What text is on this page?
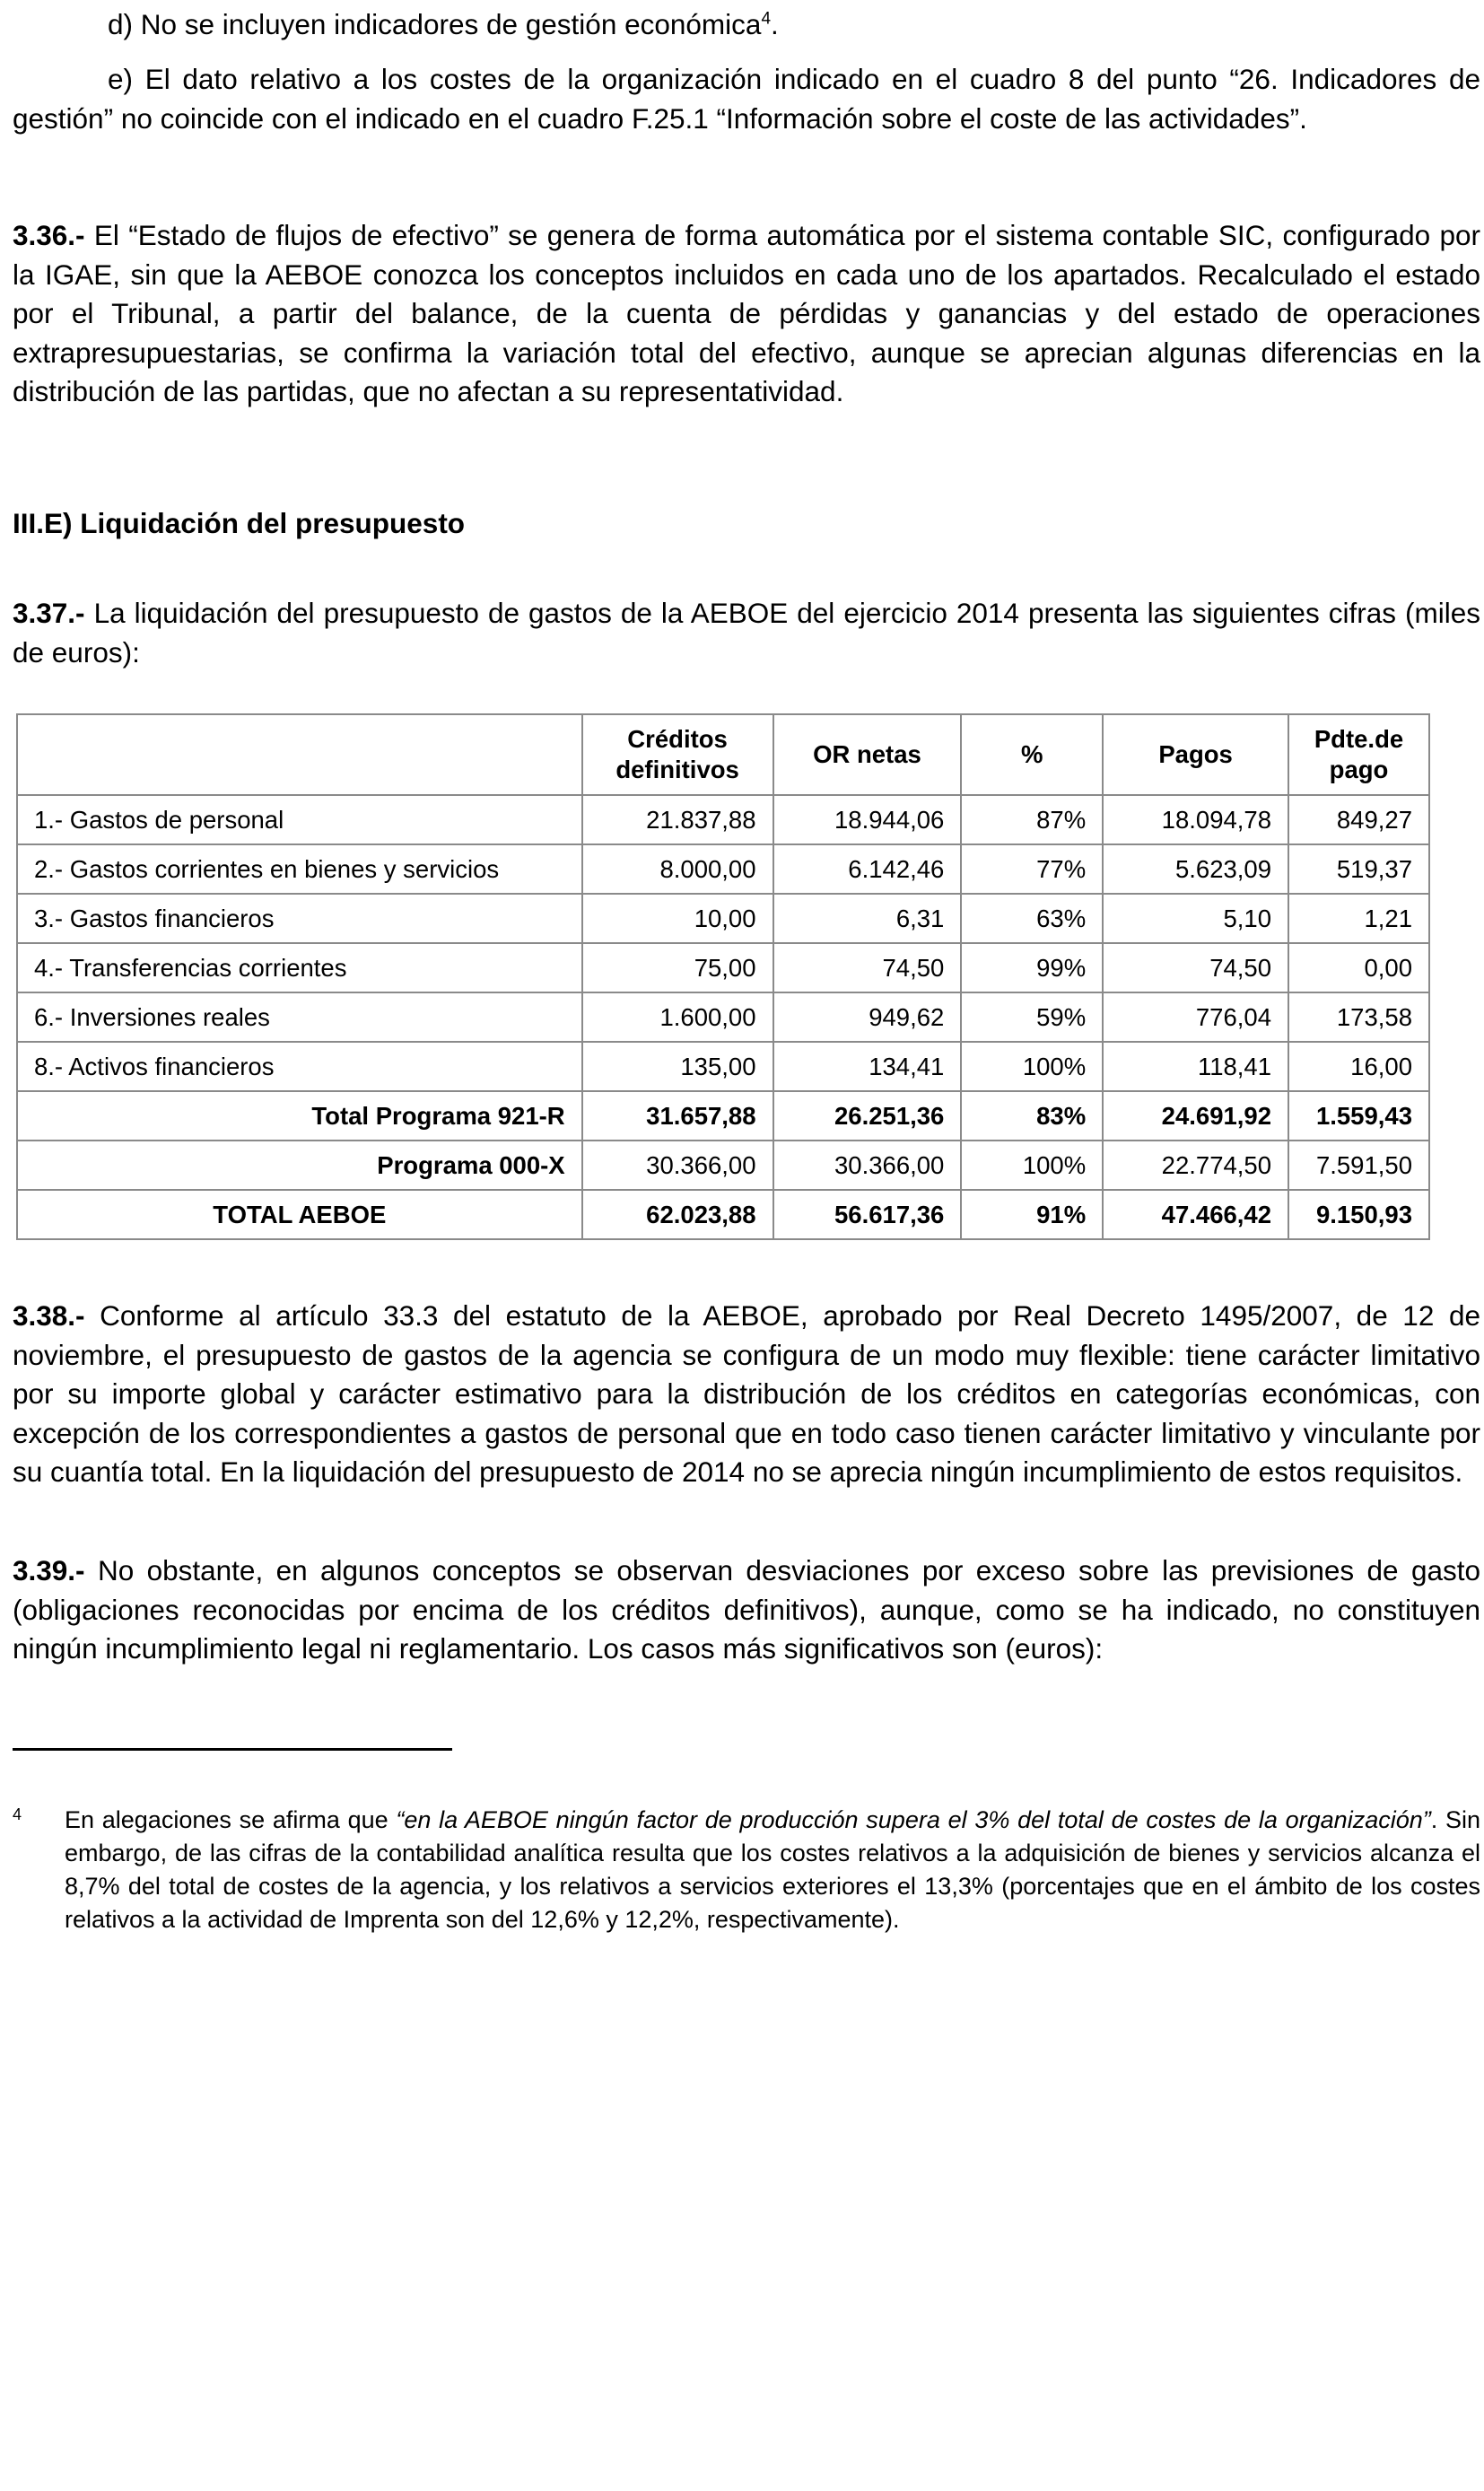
d) No se incluyen indicadores de gestión económica$^4$.
e) El dato relativo a los costes de la organización indicado en el cuadro 8 del punto “26. Indicadores de gestión” no coincide con el indicado en el cuadro F.25.1 “Información sobre el coste de las actividades”.
3.36.- El “Estado de flujos de efectivo” se genera de forma automática por el sistema contable SIC, configurado por la IGAE, sin que la AEBOE conozca los conceptos incluidos en cada uno de los apartados. Recalculado el estado por el Tribunal, a partir del balance, de la cuenta de pérdidas y ganancias y del estado de operaciones extrapresupuestarias, se confirma la variación total del efectivo, aunque se aprecian algunas diferencias en la distribución de las partidas, que no afectan a su representatividad.
III.E) Liquidación del presupuesto
3.37.- La liquidación del presupuesto de gastos de la AEBOE del ejercicio 2014 presenta las siguientes cifras (miles de euros):
	Créditos definitivos	OR netas	%	Pagos	Pdte.de pago
1.- Gastos de personal	21.837,88	18.944,06	87%	18.094,78	849,27
2.- Gastos corrientes en bienes y servicios	8.000,00	6.142,46	77%	5.623,09	519,37
3.- Gastos financieros	10,00	6,31	63%	5,10	1,21
4.- Transferencias corrientes	75,00	74,50	99%	74,50	0,00
6.- Inversiones reales	1.600,00	949,62	59%	776,04	173,58
8.- Activos financieros	135,00	134,41	100%	118,41	16,00
Total Programa 921-R	31.657,88	26.251,36	83%	24.691,92	1.559,43
Programa 000-X	30.366,00	30.366,00	100%	22.774,50	7.591,50
TOTAL AEBOE	62.023,88	56.617,36	91%	47.466,42	9.150,93
3.38.- Conforme al artículo 33.3 del estatuto de la AEBOE, aprobado por Real Decreto 1495/2007, de 12 de noviembre, el presupuesto de gastos de la agencia se configura de un modo muy flexible: tiene carácter limitativo por su importe global y carácter estimativo para la distribución de los créditos en categorías económicas, con excepción de los correspondientes a gastos de personal que en todo caso tienen carácter limitativo y vinculante por su cuantía total. En la liquidación del presupuesto de 2014 no se aprecia ningún incumplimiento de estos requisitos.
3.39.- No obstante, en algunos conceptos se observan desviaciones por exceso sobre las previsiones de gasto (obligaciones reconocidas por encima de los créditos definitivos), aunque, como se ha indicado, no constituyen ningún incumplimiento legal ni reglamentario. Los casos más significativos son (euros):
4 En alegaciones se afirma que “en la AEBOE ningún factor de producción supera el 3% del total de costes de la organización”. Sin embargo, de las cifras de la contabilidad analítica resulta que los costes relativos a la adquisición de bienes y servicios alcanza el 8,7% del total de costes de la agencia, y los relativos a servicios exteriores el 13,3% (porcentajes que en el ámbito de los costes relativos a la actividad de Imprenta son del 12,6% y 12,2%, respectivamente).
